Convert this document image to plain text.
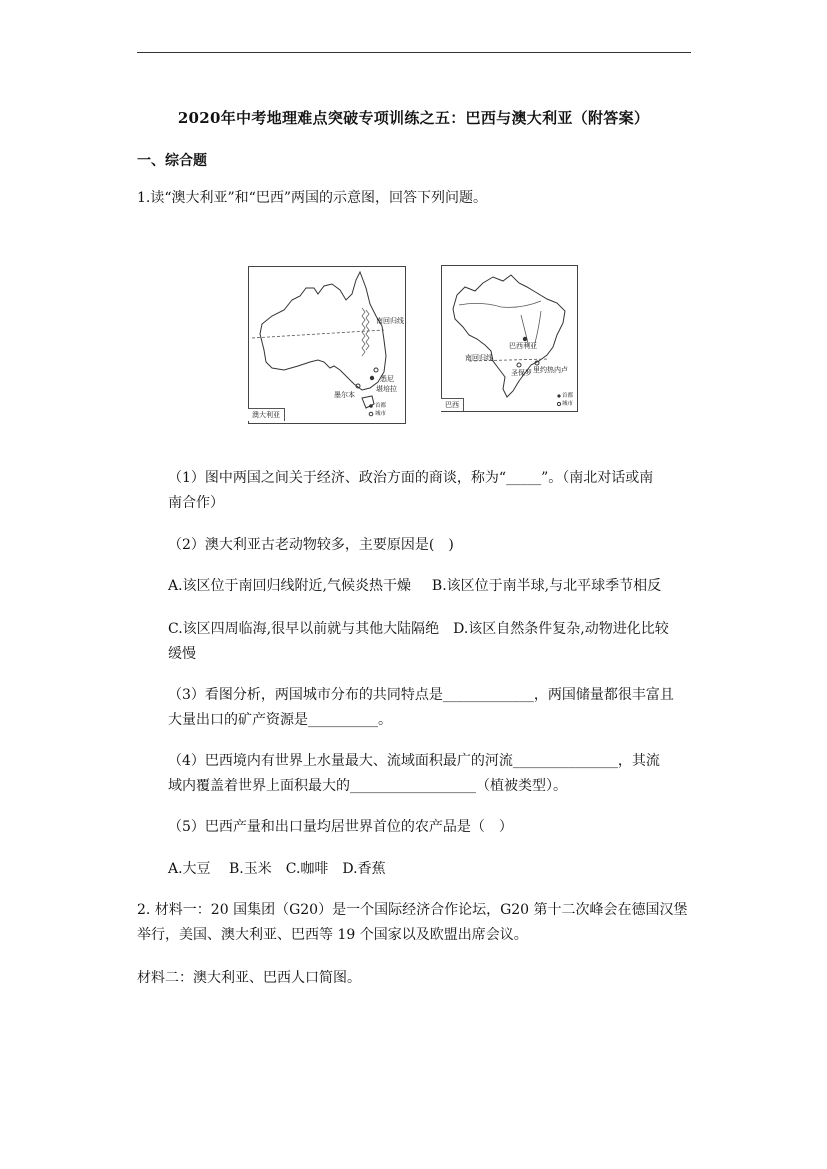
2020年中考地理难点突破专项训练之五：巴西与澳大利亚（附答案）
一、综合题
1.读“澳大利亚”和“巴西”两国的示意图，回答下列问题。
南回归线
悉尼
堪培拉
墨尔本
首都
城市
澳大利亚
巴西利亚
南回归线
圣保罗 里约热内卢
首都
城市
巴西
（1）图中两国之间关于经济、政治方面的商谈，称为“_____”。（南北对话或南
南合作）
（2）澳大利亚古老动物较多，主要原因是(　)
A.该区位于南回归线附近,气候炎热干燥 B.该区位于南半球,与北平球季节相反
C.该区四周临海,很早以前就与其他大陆隔绝　D.该区自然条件复杂,动物进化比较
缓慢
（3）看图分析，两国城市分布的共同特点是_____________，两国储量都很丰富且
大量出口的矿产资源是__________。
（4）巴西境内有世界上水量最大、流域面积最广的河流_______________，其流
域内覆盖着世界上面积最大的__________________（植被类型）。
（5）巴西产量和出口量均居世界首位的农产品是（　）
A.大豆　 B.玉米　C.咖啡　D.香蕉
2. 材料一：20 国集团（G20）是一个国际经济合作论坛，G20 第十二次峰会在德国汉堡
举行，美国、澳大利亚、巴西等 19 个国家以及欧盟出席会议。
材料二：澳大利亚、巴西人口简图。
